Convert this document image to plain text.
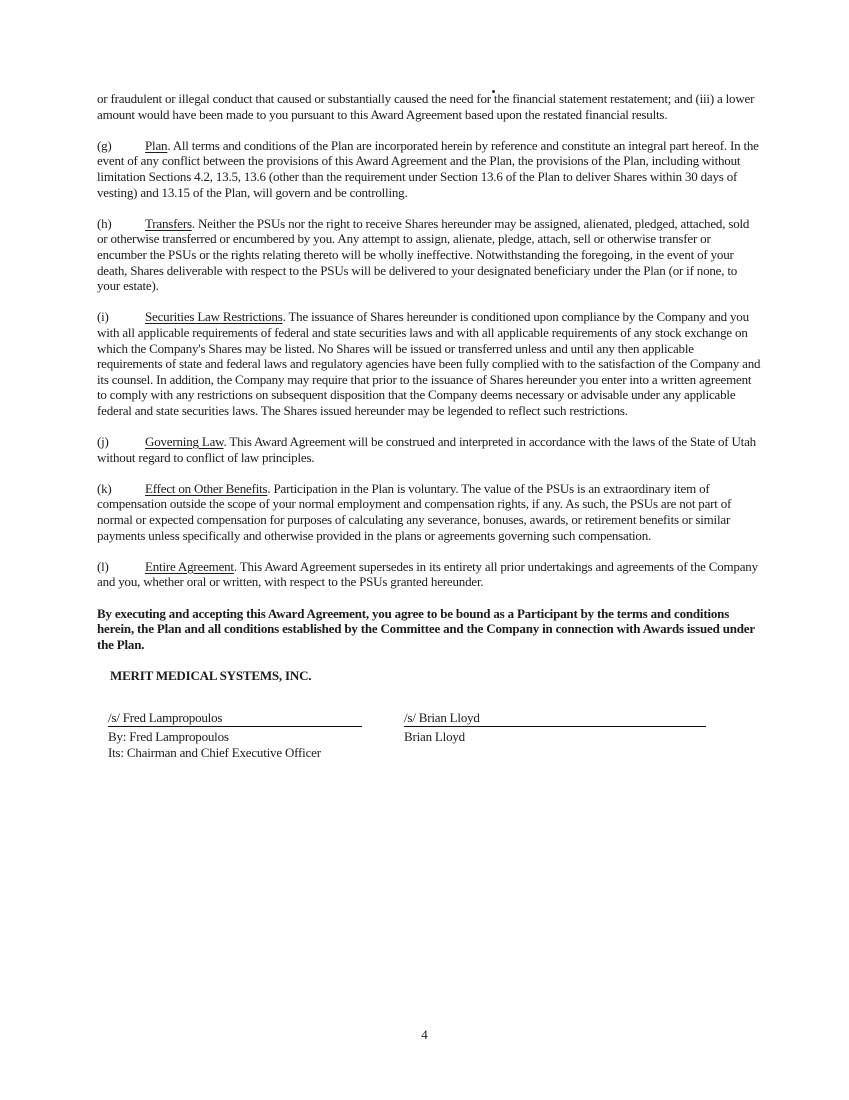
or fraudulent or illegal conduct that caused or substantially caused the need for the financial statement restatement; and (iii) a lower amount would have been made to you pursuant to this Award Agreement based upon the restated financial results.

(g)	Plan. All terms and conditions of the Plan are incorporated herein by reference and constitute an integral part hereof. In the event of any conflict between the provisions of this Award Agreement and the Plan, the provisions of the Plan, including without limitation Sections 4.2, 13.5, 13.6 (other than the requirement under Section 13.6 of the Plan to deliver Shares within 30 days of vesting) and 13.15 of the Plan, will govern and be controlling.

(h)	Transfers. Neither the PSUs nor the right to receive Shares hereunder may be assigned, alienated, pledged, attached, sold or otherwise transferred or encumbered by you. Any attempt to assign, alienate, pledge, attach, sell or otherwise transfer or encumber the PSUs or the rights relating thereto will be wholly ineffective. Notwithstanding the foregoing, in the event of your death, Shares deliverable with respect to the PSUs will be delivered to your designated beneficiary under the Plan (or if none, to your estate).

(i)	Securities Law Restrictions. The issuance of Shares hereunder is conditioned upon compliance by the Company and you with all applicable requirements of federal and state securities laws and with all applicable requirements of any stock exchange on which the Company's Shares may be listed. No Shares will be issued or transferred unless and until any then applicable requirements of state and federal laws and regulatory agencies have been fully complied with to the satisfaction of the Company and its counsel. In addition, the Company may require that prior to the issuance of Shares hereunder you enter into a written agreement to comply with any restrictions on subsequent disposition that the Company deems necessary or advisable under any applicable federal and state securities laws. The Shares issued hereunder may be legended to reflect such restrictions.

(j)	Governing Law. This Award Agreement will be construed and interpreted in accordance with the laws of the State of Utah without regard to conflict of law principles.

(k)	Effect on Other Benefits. Participation in the Plan is voluntary. The value of the PSUs is an extraordinary item of compensation outside the scope of your normal employment and compensation rights, if any. As such, the PSUs are not part of normal or expected compensation for purposes of calculating any severance, bonuses, awards, or retirement benefits or similar payments unless specifically and otherwise provided in the plans or agreements governing such compensation.

(l)	Entire Agreement. This Award Agreement supersedes in its entirety all prior undertakings and agreements of the Company and you, whether oral or written, with respect to the PSUs granted hereunder.

By executing and accepting this Award Agreement, you agree to be bound as a Participant by the terms and conditions herein, the Plan and all conditions established by the Committee and the Company in connection with Awards issued under the Plan.

MERIT MEDICAL SYSTEMS, INC.
/s/ Fred Lampropoulos
By: Fred Lampropoulos
Its: Chairman and Chief Executive Officer
/s/ Brian Lloyd
Brian Lloyd
4
